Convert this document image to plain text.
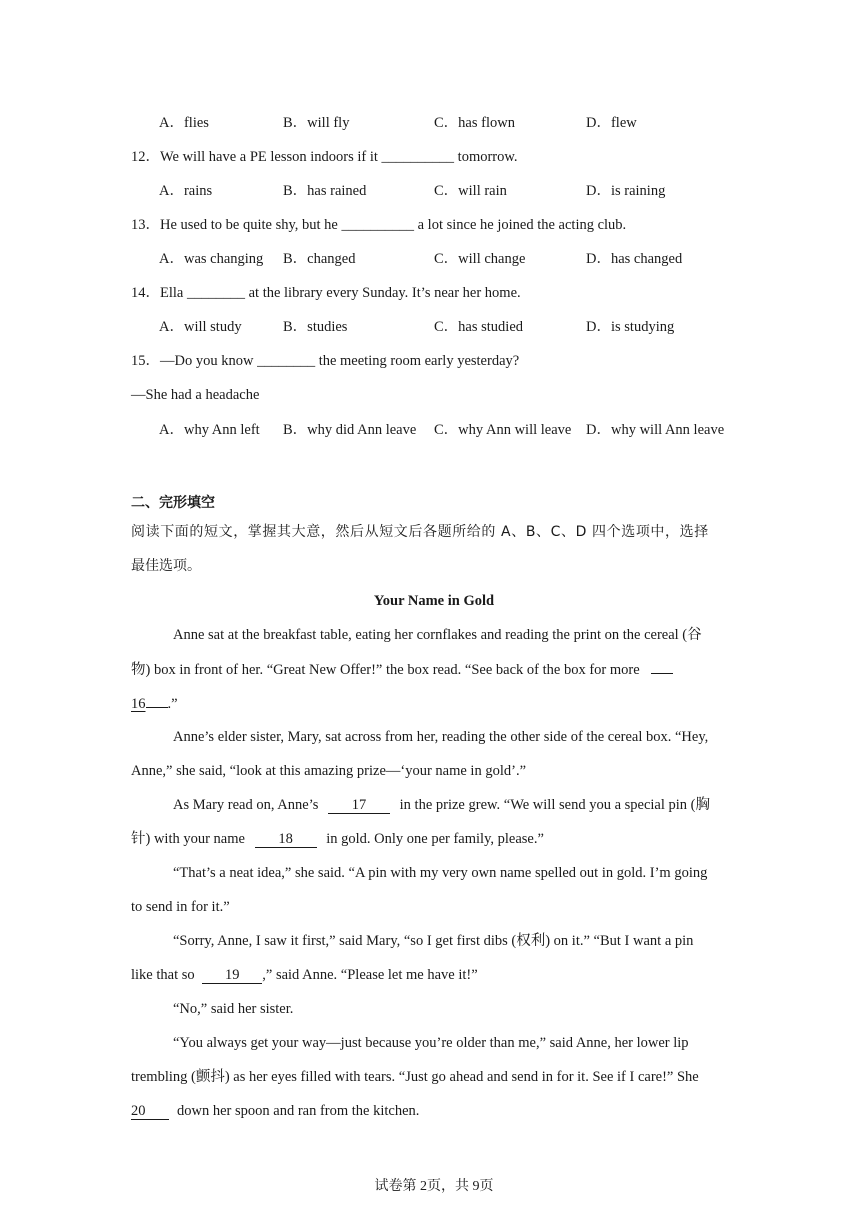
A．flies	B．will fly	C．has flown	D．flew
12．We will have a PE lesson indoors if it __________ tomorrow.
A．rains	B．has rained	C．will rain	D．is raining
13．He used to be quite shy, but he __________ a lot since he joined the acting club.
A．was changing B．changed	C．will change	D．has changed
14．Ella ________ at the library every Sunday. It’s near her home.
A．will study	B．studies	C．has studied	D．is studying
15．—Do you know ________ the meeting room early yesterday?
—She had a headache
A．why Ann left B．why did Ann leave C．why Ann will leave D．why will Ann leave
二、完形填空
阅读下面的短文，掌握其大意，然后从短文后各题所给的 A、B、C、D 四个选项中，选择
最佳选项。
Your Name in Gold
Anne sat at the breakfast table, eating her cornflakes and reading the print on the cereal (谷
物) box in front of her. “Great New Offer!” the box read. “See back of the box for more
16 .”
Anne’s elder sister, Mary, sat across from her, reading the other side of the cereal box. “Hey,
Anne,” she said, “look at this amazing prize—‘your name in gold’.”
As Mary read on, Anne’s 17 in the prize grew. “We will send you a special pin (胸
针) with your name 18 in gold. Only one per family, please.”
“That’s a neat idea,” she said. “A pin with my very own name spelled out in gold. I’m going
to send in for it.”
“Sorry, Anne, I saw it first,” said Mary, “so I get first dibs (权利) on it.” “But I want a pin
like that so 19 ,” said Anne. “Please let me have it!”
“No,” said her sister.
“You always get your way—just because you’re older than me,” said Anne, her lower lip
trembling (颤抖) as her eyes filled with tears. “Just go ahead and send in for it. See if I care!” She
20 down her spoon and ran from the kitchen.
试卷第 2页，共 9页
